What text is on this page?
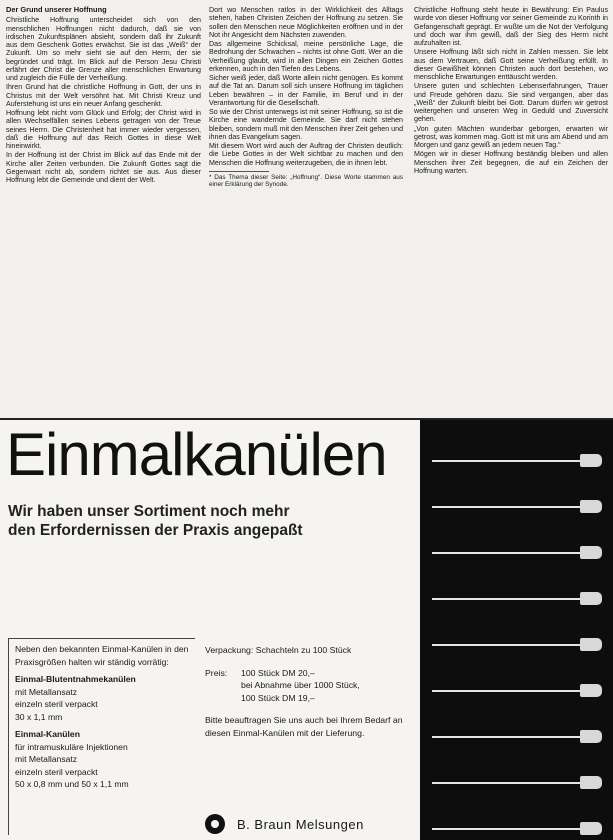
Der Grund unserer Hoffnung

Christliche Hoffnung unterscheidet sich von den menschlichen Hoffnungen nicht dadurch, daß sie von irdischen Zukunftsplänen absieht, sondern daß ihr Zukunft aus dem Geschenk Gottes erwächst. Sie ist das „Weiß“ der Zukunft. Um so mehr sieht sie auf den Herrn, der sie begründet und trägt. Im Blick auf die Person Jesu Christi erfährt der Christ die Grenze aller menschlichen Erwartung und zugleich die Fülle der Verheißung.

Ihren Grund hat die christliche Hoffnung in Gott, der uns in Christus mit der Welt versöhnt hat. Mit Christi Kreuz und Auferstehung ist uns ein neuer Anfang geschenkt.

Hoffnung lebt nicht vom Glück und Erfolg; der Christ wird in allen Wechselfällen seines Lebens getragen von der Treue seines Herrn. Die Christenheit hat immer wieder vergessen, daß die Hoffnung auf das Reich Gottes in diese Welt hineinwirkt.

In der Hoffnung ist der Christ im Blick auf das Ende mit der Kirche aller Zeiten verbunden. Die Zukunft Gottes sagt die Gegenwart nicht ab, sondern richtet sie aus. Aus dieser Hoffnung lebt die Gemeinde und dient der Welt.

Dort wo Menschen ratlos in der Wirklichkeit des Alltags stehen, haben Christen Zeichen der Hoffnung zu setzen. Sie sollen den Menschen neue Möglichkeiten eröffnen und in der Not ihr Angesicht dem Nächsten zuwenden.

Das allgemeine Schicksal, meine persönliche Lage, die Bedrohung der Schwachen – nichts ist ohne Gott. Wer an die Verheißung glaubt, wird in allen Dingen ein Zeichen Gottes erkennen, auch in den Tiefen des Lebens.

Sicher weiß jeder, daß Worte allein nicht genügen. Es kommt auf die Tat an. Darum soll sich unsere Hoffnung im täglichen Leben bewähren – in der Familie, im Beruf und in der Verantwortung für die Gesellschaft.

So wie der Christ unterwegs ist mit seiner Hoffnung, so ist die Kirche eine wandernde Gemeinde. Sie darf nicht stehen bleiben, sondern muß mit den Menschen ihrer Zeit gehen und ihnen das Evangelium sagen.

Mit diesem Wort wird auch der Auftrag der Christen deutlich: die Liebe Gottes in der Welt sichtbar zu machen und den Menschen die Hoffnung weiterzugeben, die in ihnen lebt.

* Das Thema dieser Seite: „Hoffnung“. Diese Worte stammen aus einer Erklärung der Synode.

Christliche Hoffnung steht heute in Bewährung: Ein Paulus wurde von dieser Hoffnung vor seiner Gemeinde zu Korinth in Gefangenschaft geprägt. Er wußte um die Not der Verfolgung und doch war ihm gewiß, daß der Sieg des Herrn nicht aufzuhalten ist.

Unsere Hoffnung läßt sich nicht in Zahlen messen. Sie lebt aus dem Vertrauen, daß Gott seine Verheißung erfüllt. In dieser Gewißheit können Christen auch dort bestehen, wo menschliche Erwartungen enttäuscht werden.

Unsere guten und schlechten Lebenserfahrungen, Trauer und Freude gehören dazu. Sie sind vergangen, aber das „Weiß“ der Zukunft bleibt bei Gott. Darum dürfen wir getrost weitergehen und unseren Weg in Geduld und Zuversicht gehen.

„Von guten Mächten wunderbar geborgen, erwarten wir getrost, was kommen mag. Gott ist mit uns am Abend und am Morgen und ganz gewiß an jedem neuen Tag.“

Mögen wir in dieser Hoffnung beständig bleiben und allen Menschen ihrer Zeit begegnen, die auf ein Zeichen der Hoffnung warten.

Einmalkanülen
Wir haben unser Sortiment noch mehr
den Erfordernissen der Praxis angepaßt
Neben den bekannten Einmal-Kanülen in den Praxisgrößen halten wir ständig vorrätig:
Einmal-Blutentnahmekanülen
mit Metallansatz
einzeln steril verpackt
30 x 1,1 mm
Einmal-Kanülen
für intramuskuläre Injektionen
mit Metallansatz
einzeln steril verpackt
50 x 0,8 mm und 50 x 1,1 mm
Verpackung: Schachteln zu 100 Stück
Preis:	100 Stück DM 20,–
bei Abnahme über 1000 Stück,
100 Stück DM 19,–
Bitte beauftragen Sie uns auch bei Ihrem Bedarf an diesen Einmal-Kanülen mit der Lieferung.
B. Braun Melsungen
